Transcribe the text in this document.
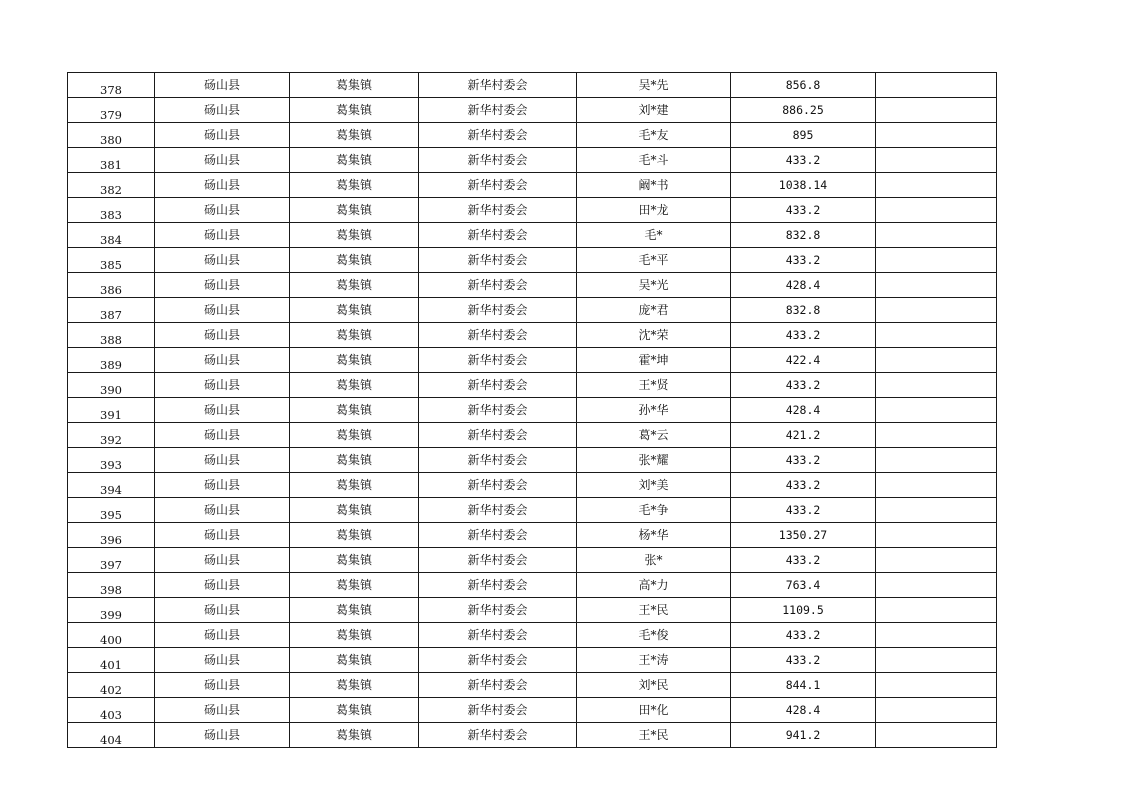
378	砀山县	葛集镇	新华村委会	吴*先	856.8	
379	砀山县	葛集镇	新华村委会	刘*建	886.25	
380	砀山县	葛集镇	新华村委会	毛*友	895	
381	砀山县	葛集镇	新华村委会	毛*斗	433.2	
382	砀山县	葛集镇	新华村委会	阚*书	1038.14	
383	砀山县	葛集镇	新华村委会	田*龙	433.2	
384	砀山县	葛集镇	新华村委会	毛*	832.8	
385	砀山县	葛集镇	新华村委会	毛*平	433.2	
386	砀山县	葛集镇	新华村委会	吴*光	428.4	
387	砀山县	葛集镇	新华村委会	庞*君	832.8	
388	砀山县	葛集镇	新华村委会	沈*荣	433.2	
389	砀山县	葛集镇	新华村委会	霍*坤	422.4	
390	砀山县	葛集镇	新华村委会	王*贤	433.2	
391	砀山县	葛集镇	新华村委会	孙*华	428.4	
392	砀山县	葛集镇	新华村委会	葛*云	421.2	
393	砀山县	葛集镇	新华村委会	张*耀	433.2	
394	砀山县	葛集镇	新华村委会	刘*美	433.2	
395	砀山县	葛集镇	新华村委会	毛*争	433.2	
396	砀山县	葛集镇	新华村委会	杨*华	1350.27	
397	砀山县	葛集镇	新华村委会	张*	433.2	
398	砀山县	葛集镇	新华村委会	高*力	763.4	
399	砀山县	葛集镇	新华村委会	王*民	1109.5	
400	砀山县	葛集镇	新华村委会	毛*俊	433.2	
401	砀山县	葛集镇	新华村委会	王*涛	433.2	
402	砀山县	葛集镇	新华村委会	刘*民	844.1	
403	砀山县	葛集镇	新华村委会	田*化	428.4	
404	砀山县	葛集镇	新华村委会	王*民	941.2	
